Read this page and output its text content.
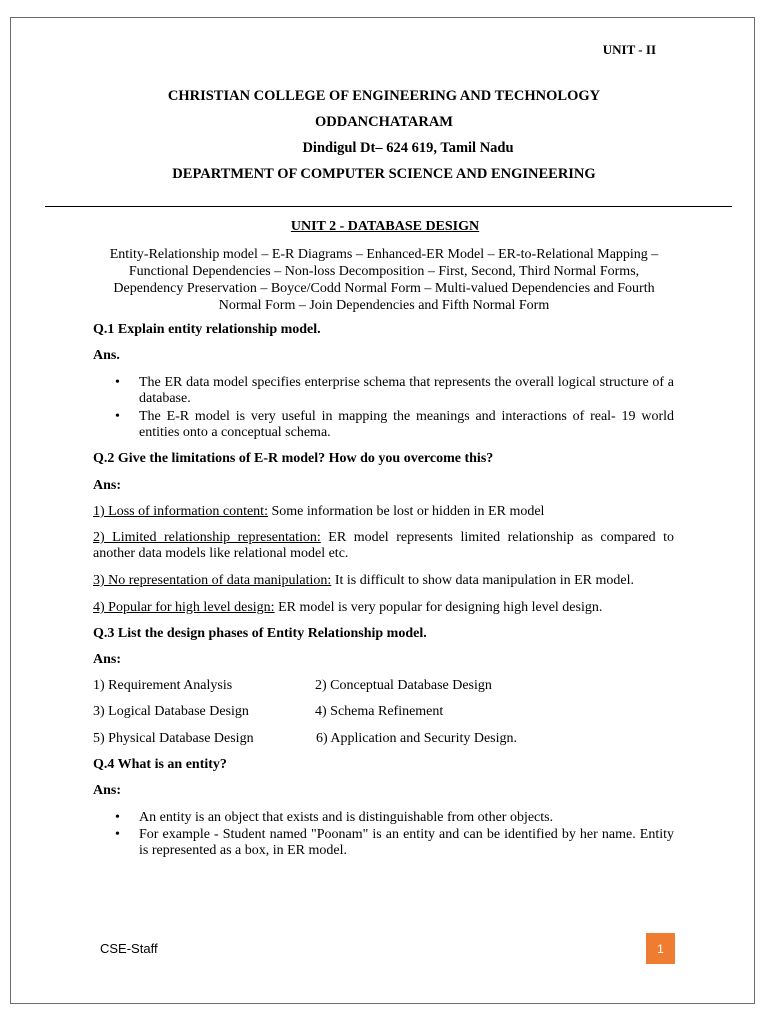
UNIT - II
CHRISTIAN COLLEGE OF ENGINEERING AND TECHNOLOGY
ODDANCHATARAM
Dindigul Dt– 624 619, Tamil Nadu
DEPARTMENT OF COMPUTER SCIENCE AND ENGINEERING
UNIT 2 - DATABASE DESIGN
Entity-Relationship model – E-R Diagrams – Enhanced-ER Model – ER-to-Relational Mapping – Functional Dependencies – Non-loss Decomposition – First, Second, Third Normal Forms, Dependency Preservation – Boyce/Codd Normal Form – Multi-valued Dependencies and Fourth Normal Form – Join Dependencies and Fifth Normal Form
Q.1 Explain entity relationship model.
Ans.
• The ER data model specifies enterprise schema that represents the overall logical structure of a database.
• The E-R model is very useful in mapping the meanings and interactions of real- 19 world entities onto a conceptual schema.
Q.2 Give the limitations of E-R model? How do you overcome this?
Ans:
1) Loss of information content: Some information be lost or hidden in ER model
2) Limited relationship representation: ER model represents limited relationship as compared to another data models like relational model etc.
3) No representation of data manipulation: It is difficult to show data manipulation in ER model.
4) Popular for high level design: ER model is very popular for designing high level design.
Q.3 List the design phases of Entity Relationship model.
Ans:
1) Requirement Analysis	2) Conceptual Database Design
3) Logical Database Design	4) Schema Refinement
5) Physical Database Design	6) Application and Security Design.
Q.4 What is an entity?
Ans:
• An entity is an object that exists and is distinguishable from other objects.
• For example - Student named "Poonam" is an entity and can be identified by her name. Entity is represented as a box, in ER model.
CSE-Staff	1
